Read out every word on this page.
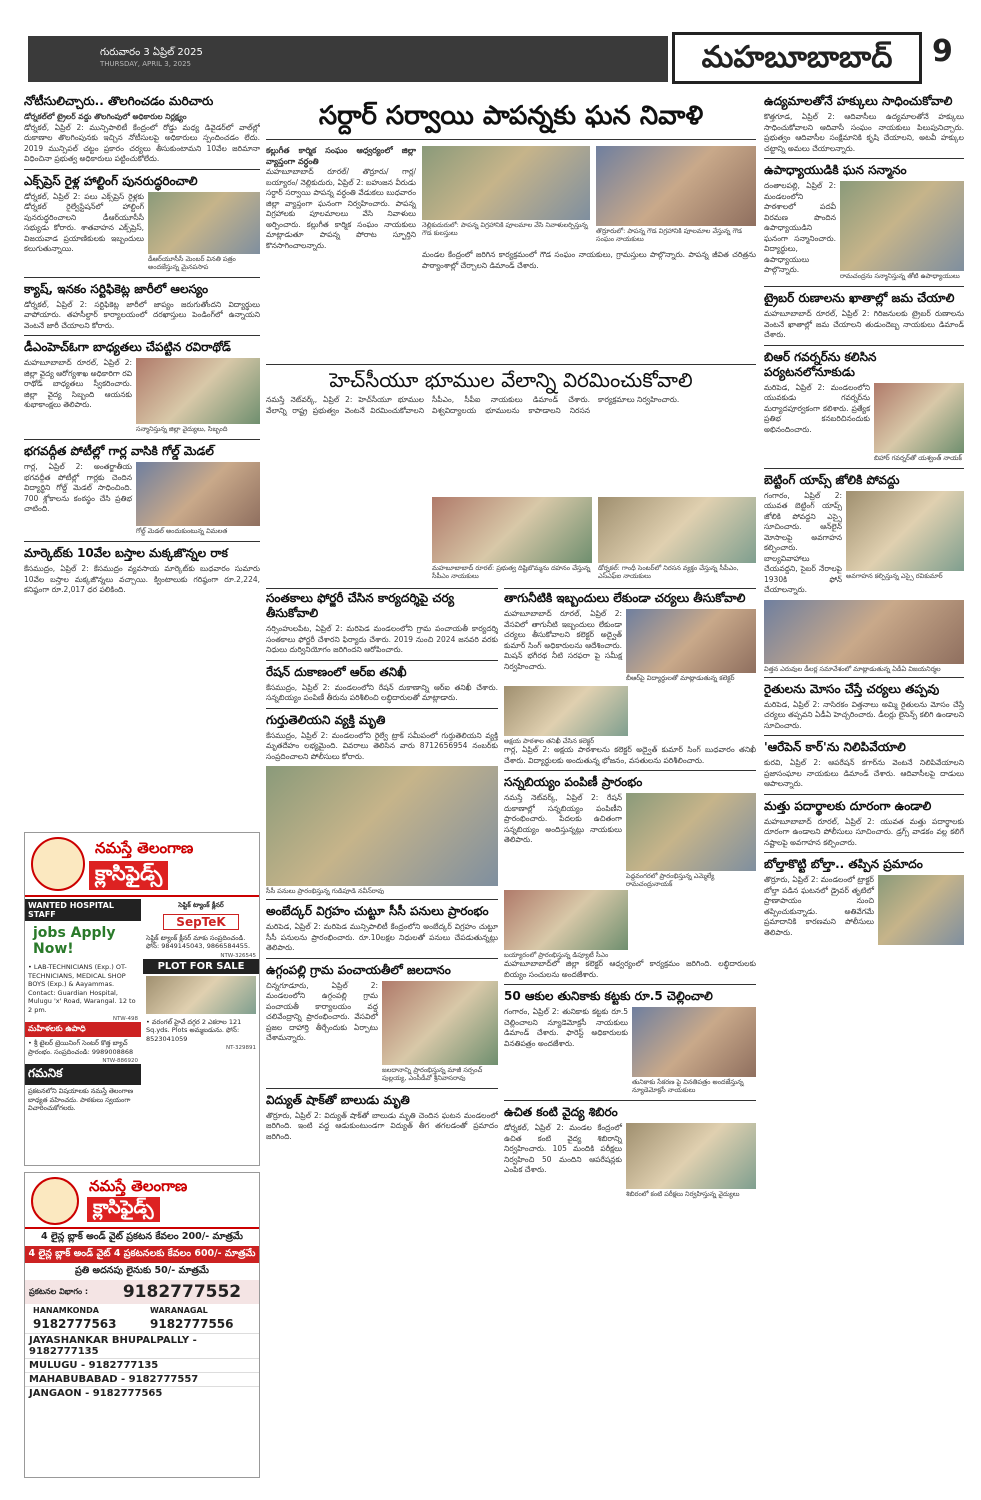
గురువారం 3 ఏప్రిల్ 2025
THURSDAY, APRIL 3, 2025	మహబూబాబాద్	9
నోటీసులిచ్చారు.. తొలగించడం మరిచారు
డోర్నకల్‌లో ట్రైలర్ వద్దు తొలగింపులో అధికారుల నిర్లక్ష్యం
డోర్నకల్, ఏప్రిల్ 2: మున్సిపాలిటీ కేంద్రంలో రోడ్డు మధ్య డివైడర్‌లో వాల్‌ల్లో దుకాణాల తొలగింపునకు ఇచ్చిన నోటీసులపై అధికారులు స్పందించడం లేదు. 2019 మున్సిపల్ చట్టం ప్రకారం చర్యలు తీసుకుంటామని 10వేల జరిమానా విధించినా ప్రభుత్వ అధికారులు పట్టించుకోలేదు.
ఎక్స్‌ప్రెస్ రైళ్ల హాల్టింగ్ పునరుద్ధరించాలి
డీఆర్‌యూసీసీ మెంబర్ వినతి పత్రం అందజేస్తున్న మైనపసాప
డోర్నకల్, ఏప్రిల్ 2: పలు ఎక్స్‌ప్రెస్ రైళ్లకు డోర్నకల్ రైల్వేస్టేషన్‌లో హాల్టింగ్ పునరుద్ధరించాలని డీఆర్‌యూసీసీ సభ్యుడు కోరారు. శాతవాహన ఎక్స్‌ప్రెస్, విజయవాడ ప్రయాణికులకు ఇబ్బందులు కలుగుతున్నాయి.
క్యాష్, ఇనకం సర్టిఫికెట్ల జారీలో ఆలస్యం
డోర్నకల్, ఏప్రిల్ 2: సర్టిఫికెట్ల జారీలో జాప్యం జరుగుతోందని విద్యార్థులు వాపోయారు. తహసీల్దార్ కార్యాలయంలో దరఖాస్తులు పెండింగ్‌లో ఉన్నాయని వెంటనే జారీ చేయాలని కోరారు.
డీఎంహెచ్‌ఓగా బాధ్యతలు చేపట్టిన రవిరాథోడ్
సన్మానిస్తున్న జిల్లా వైద్యులు, సిబ్బంది
మహబూబాబాద్ రూరల్, ఏప్రిల్ 2: జిల్లా వైద్య ఆరోగ్యశాఖ అధికారిగా రవి రాథోడ్ బాధ్యతలు స్వీకరించారు. జిల్లా వైద్య సిబ్బంది ఆయనకు శుభాకాంక్షలు తెలిపారు.
భగవద్గీత పోటీల్లో గార్ల వాసికి గోల్డ్ మెడల్
గోల్డ్ మెడల్ అందుకుంటున్న విమలత
గార్ల, ఏప్రిల్ 2: అంతర్జాతీయ భగవద్గీత పోటీల్లో గార్లకు చెందిన విద్యార్థిని గోల్డ్ మెడల్ సాధించింది. 700 శ్లోకాలను కంఠస్థం చేసి ప్రతిభ చాటింది.
మార్కెట్‌కు 10వేల బస్తాల మక్కజొన్నల రాక
కేసముద్రం, ఏప్రిల్ 2: కేసముద్రం వ్యవసాయ మార్కెట్‌కు బుధవారం సుమారు 10వేల బస్తాల మక్కజొన్నలు వచ్చాయి. క్వింటాలుకు గరిష్ఠంగా రూ.2,224, కనిష్ఠంగా రూ.2,017 ధర పలికింది.
నమస్తే తెలంగాణ
క్లాసిఫైడ్స్
WANTED HOSPITAL STAFF
jobs Apply Now!
• LAB-TECHNICIANS (Exp.) OT-TECHNICIANS, MEDICAL SHOP BOYS (Exp.) & Aayammas. Contact: Guardian Hospital, Mulugu 'x' Road, Warangal. 12 to 2 pm.
NTW-498
మహిళలకు ఉపాధి
• శ్రీ టైలర్ ట్రెయినింగ్ సెంటర్ కొత్త బ్యాచ్ ప్రారంభం. సంప్రదించండి: 9989008868
NTW-886920
గమనిక
ప్రకటనలోని విషయాలకు నమస్తే తెలంగాణ బాధ్యత వహించదు. పాఠకులు స్వయంగా విచారించుకోగలరు.
సెప్టిక్ ట్యాంక్ క్లీనర్
SepTeK
సెప్టిక్ ట్యాంక్ క్లీనర్ మాకు సంప్రదించండి. ఫోన్: 9849145043, 9866584455.
NTW-326545
PLOT FOR SALE
• వరంగల్ హైవే దగ్గర 2 ఎకరాల 121 Sq.yds. Plots అమ్మబడును. ఫోన్: 8523041059
NT-329891
నమస్తే తెలంగాణ
క్లాసిఫైడ్స్
4 లైన్ల బ్లాక్ అండ్ వైట్ ప్రకటన కేవలం 200/- మాత్రమే
4 లైన్ల బ్లాక్ అండ్ వైట్ 4 ప్రకటనలకు కేవలం 600/- మాత్రమే
ప్రతి అదనపు లైనుకు 50/- మాత్రమే
ప్రకటనల విభాగం :	9182777552
HANAMKONDA
9182777563
WARANAGAL
9182777556
JAYASHANKAR BHUPALPALLY - 9182777135
MULUGU - 9182777135
MAHABUBABAD - 9182777557
JANGAON - 9182777565
సర్దార్ సర్వాయి పాపన్నకు ఘన నివాళి
కల్లుగీత కార్మిక సంఘం ఆధ్వర్యంలో జిల్లా వ్యాప్తంగా వర్ధంతి
మహబూబాబాద్ రూరల్/ తొర్రూరు/ గార్ల/ బయ్యారం/ నెల్లికుదురు, ఏప్రిల్ 2: బహుజన వీరుడు సర్దార్ సర్వాయి పాపన్న వర్ధంతి వేడుకలు బుధవారం జిల్లా వ్యాప్తంగా ఘనంగా నిర్వహించారు. పాపన్న విగ్రహాలకు పూలమాలలు వేసి నివాళులు అర్పించారు. కల్లుగీత కార్మిక సంఘం నాయకులు మాట్లాడుతూ పాపన్న పోరాట స్ఫూర్తిని కొనసాగించాలన్నారు.
నెల్లికుదురులో: పాపన్న విగ్రహానికి పూలమాల వేసి నివాళులర్పిస్తున్న గౌడ కులస్తులు	తొర్రూరులో: పాపన్న గౌడ విగ్రహానికి పూలమాల వేస్తున్న గౌడ సంఘం నాయకులు
మండల కేంద్రంలో జరిగిన కార్యక్రమంలో గౌడ సంఘం నాయకులు, గ్రామస్తులు పాల్గొన్నారు. పాపన్న జీవిత చరిత్రను పాఠ్యాంశాల్లో చేర్చాలని డిమాండ్ చేశారు.
హెచ్‌సీయూ భూముల వేలాన్ని విరమించుకోవాలి
నమస్తే నెట్‌వర్క్, ఏప్రిల్ 2: హెచ్‌సీయూ భూముల వేలాన్ని రాష్ట్ర ప్రభుత్వం వెంటనే విరమించుకోవాలని సీపీఎం, సీపీఐ నాయకులు డిమాండ్ చేశారు. విశ్వవిద్యాలయ భూములను కాపాడాలని నిరసన కార్యక్రమాలు నిర్వహించారు.
మహబూబాబాద్ రూరల్: ప్రభుత్వ దిష్టిబొమ్మను దహనం చేస్తున్న సీపీఎం నాయకులు
డోర్నకల్: గాంధీ సెంటర్‌లో నిరసన వ్యక్తం చేస్తున్న సీపీఎం, ఎస్‌ఎఫ్‌ఐ నాయకులు
సంతకాలు ఫోర్జరీ చేసిన కార్యదర్శిపై చర్య తీసుకోవాలి
నర్సింహులపేట, ఏప్రిల్ 2: మరిపెడ మండలంలోని గ్రామ పంచాయతీ కార్యదర్శి సంతకాలు ఫోర్జరీ చేశారని ఫిర్యాదు చేశారు. 2019 నుంచి 2024 జనవరి వరకు నిధులు దుర్వినియోగం జరిగిందని ఆరోపించారు.
రేషన్ దుకాణంలో ఆర్‌ఐ తనిఖీ
కేసముద్రం, ఏప్రిల్ 2: మండలంలోని రేషన్ దుకాణాన్ని ఆర్‌ఐ తనిఖీ చేశారు. సన్నబియ్యం పంపిణీ తీరును పరిశీలించి లబ్ధిదారులతో మాట్లాడారు.
గుర్తుతెలియని వ్యక్తి మృతి
కేసముద్రం, ఏప్రిల్ 2: మండలంలోని రైల్వే ట్రాక్ సమీపంలో గుర్తుతెలియని వ్యక్తి మృతదేహం లభ్యమైంది. వివరాలు తెలిసిన వారు 8712656954 నంబర్‌కు సంప్రదించాలని పోలీసులు కోరారు.
సీసీ పనులు ప్రారంభిస్తున్న గుడిపూడి నవీన్‌రావు
అంబేద్కర్ విగ్రహం చుట్టూ సీసీ పనులు ప్రారంభం
మరిపెడ, ఏప్రిల్ 2: మరిపెడ మున్సిపాలిటీ కేంద్రంలోని అంబేద్కర్ విగ్రహం చుట్టూ సీసీ పనులను ప్రారంభించారు. రూ.10లక్షల నిధులతో పనులు చేపడుతున్నట్లు తెలిపారు.
ఉగ్గంపల్లి గ్రామ పంచాయతీలో జలదానం
జలదానాన్ని ప్రారంభిస్తున్న మాజీ సర్పంచ్ పుల్లయ్య, ఎంపీడీవో శ్రీనివాసరావు
చిన్నగూడూరు, ఏప్రిల్ 2: మండలంలోని ఉగ్గంపల్లి గ్రామ పంచాయతీ కార్యాలయం వద్ద చలివేంద్రాన్ని ప్రారంభించారు. వేసవిలో ప్రజల దాహార్తి తీర్చేందుకు ఏర్పాటు చేశామన్నారు.
విద్యుత్ షాక్‌తో బాలుడు మృతి
తొర్రూరు, ఏప్రిల్ 2: విద్యుత్ షాక్‌తో బాలుడు మృతి చెందిన ఘటన మండలంలో జరిగింది. ఇంటి వద్ద ఆడుకుంటుండగా విద్యుత్ తీగ తగలడంతో ప్రమాదం జరిగింది.
తాగునీటికి ఇబ్బందులు లేకుండా చర్యలు తీసుకోవాలి
బీఆర్‌పై విద్యార్థులతో మాట్లాడుతున్న కలెక్టర్
మహబూబాబాద్ రూరల్, ఏప్రిల్ 2: వేసవిలో తాగునీటి ఇబ్బందులు లేకుండా చర్యలు తీసుకోవాలని కలెక్టర్ అద్వైత్ కుమార్ సింగ్ అధికారులను ఆదేశించారు. మిషన్ భగీరథ నీటి సరఫరా పై సమీక్ష నిర్వహించారు.
అక్షయ పాఠశాల తనిఖీ చేసిన కలెక్టర్
గార్ల, ఏప్రిల్ 2: అక్షయ పాఠశాలను కలెక్టర్ అద్వైత్ కుమార్ సింగ్ బుధవారం తనిఖీ చేశారు. విద్యార్థులకు అందుతున్న భోజనం, వసతులను పరిశీలించారు.
సన్నబియ్యం పంపిణీ ప్రారంభం
పెద్దవంగరలో ప్రారంభిస్తున్న ఎమ్మెల్యే రామచంద్రునాయక్
నమస్తే నెట్‌వర్క్, ఏప్రిల్ 2: రేషన్ దుకాణాల్లో సన్నబియ్యం పంపిణీని ప్రారంభించారు. పేదలకు ఉచితంగా సన్నబియ్యం అందిస్తున్నట్లు నాయకులు తెలిపారు.
బయ్యారంలో ప్రారంభిస్తున్న డిప్యూటీ సీఎం
మహబూబాబాద్‌లో జిల్లా కలెక్టర్ ఆధ్వర్యంలో కార్యక్రమం జరిగింది. లబ్ధిదారులకు బియ్యం సంచులను అందజేశారు.
50 ఆకుల తునికాకు కట్టకు రూ.5 చెల్లించాలి
తునికాకు సేకరణ పై వినతిపత్రం అందజేస్తున్న న్యూడెమోక్రసీ నాయకులు
గంగారం, ఏప్రిల్ 2: తునికాకు కట్టకు రూ.5 చెల్లించాలని న్యూడెమోక్రసీ నాయకులు డిమాండ్ చేశారు. ఫారెస్ట్ అధికారులకు వినతిపత్రం అందజేశారు.
ఉచిత కంటి వైద్య శిబిరం
శిబిరంలో కంటి పరీక్షలు నిర్వహిస్తున్న వైద్యులు
డోర్నకల్, ఏప్రిల్ 2: మండల కేంద్రంలో ఉచిత కంటి వైద్య శిబిరాన్ని నిర్వహించారు. 105 మందికి పరీక్షలు నిర్వహించి 50 మందిని ఆపరేషన్లకు ఎంపిక చేశారు.
ఉద్యమాలతోనే హక్కులు సాధించుకోవాలి
కొత్తగూడ, ఏప్రిల్ 2: ఆదివాసీలు ఉద్యమాలతోనే హక్కులు సాధించుకోవాలని ఆదివాసీ సంఘం నాయకులు పిలుపునిచ్చారు. ప్రభుత్వం ఆదివాసీల సంక్షేమానికి కృషి చేయాలని, అటవీ హక్కుల చట్టాన్ని అమలు చేయాలన్నారు.
ఉపాధ్యాయుడికి ఘన సన్మానం
రామచంద్రను సన్మానిస్తున్న తోటి ఉపాధ్యాయులు
దంతాలపల్లి, ఏప్రిల్ 2: మండలంలోని పాఠశాలలో పదవీ విరమణ పొందిన ఉపాధ్యాయుడిని ఘనంగా సన్మానించారు. విద్యార్థులు, ఉపాధ్యాయులు పాల్గొన్నారు.
ట్రైబర్ రుణాలను ఖాతాల్లో జమ చేయాలి
మహబూబాబాద్ రూరల్, ఏప్రిల్ 2: గిరిజనులకు ట్రైబర్ రుణాలను వెంటనే ఖాతాల్లో జమ చేయాలని తుడుందెబ్బ నాయకులు డిమాండ్ చేశారు.
బిఆర్ గవర్నర్‌ను కలిసిన పర్యటనలోనూకుడు
బిహార్ గవర్నర్‌తో యశ్వంత్ నాయక్
మరిపెడ, ఏప్రిల్ 2: మండలంలోని యువకుడు గవర్నర్‌ను మర్యాదపూర్వకంగా కలిశారు. ప్రత్యేక ప్రతిభ కనబరిచినందుకు అభినందించారు.
బెట్టింగ్ యాప్స్ జోలికి పోవద్దు
అవగాహన కల్పిస్తున్న ఎస్సై రవికుమార్
గంగారం, ఏప్రిల్ 2: యువత బెట్టింగ్ యాప్స్ జోలికి పోవద్దని ఎస్సై సూచించారు. ఆన్‌లైన్ మోసాలపై అవగాహన కల్పించారు. బాల్యవివాహాలు చేయవద్దని, సైబర్ నేరాలపై 1930కి ఫోన్ చేయాలన్నారు.
విత్తన ఎరువుల డీలర్ల సమావేశంలో మాట్లాడుతున్న ఏడీఏ విజయనిర్మల
రైతులను మోసం చేస్తే చర్యలు తప్పవు
మరిపెడ, ఏప్రిల్ 2: నాసిరకం విత్తనాలు అమ్మి రైతులను మోసం చేస్తే చర్యలు తప్పవని ఏడీఏ హెచ్చరించారు. డీలర్లు లైసెన్స్ కలిగి ఉండాలని సూచించారు.
'ఆరేపెన్ కార్'ను నిలిపివేయాలి
కురవి, ఏప్రిల్ 2: ఆపరేషన్ కగార్‌ను వెంటనే నిలిపివేయాలని ప్రజాసంఘాల నాయకులు డిమాండ్ చేశారు. ఆదివాసీలపై దాడులు ఆపాలన్నారు.
మత్తు పదార్థాలకు దూరంగా ఉండాలి
మహబూబాబాద్ రూరల్, ఏప్రిల్ 2: యువత మత్తు పదార్థాలకు దూరంగా ఉండాలని పోలీసులు సూచించారు. డ్రగ్స్ వాడకం వల్ల కలిగే నష్టాలపై అవగాహన కల్పించారు.
బోల్తాకొట్టి బోల్తా.. తప్పిన ప్రమాదం
తొర్రూరు, ఏప్రిల్ 2: మండలంలో ట్రాక్టర్ బోల్తా పడిన ఘటనలో డ్రైవర్ తృటిలో ప్రాణాపాయం నుంచి తప్పించుకున్నాడు. అతివేగమే ప్రమాదానికి కారణమని పోలీసులు తెలిపారు.
